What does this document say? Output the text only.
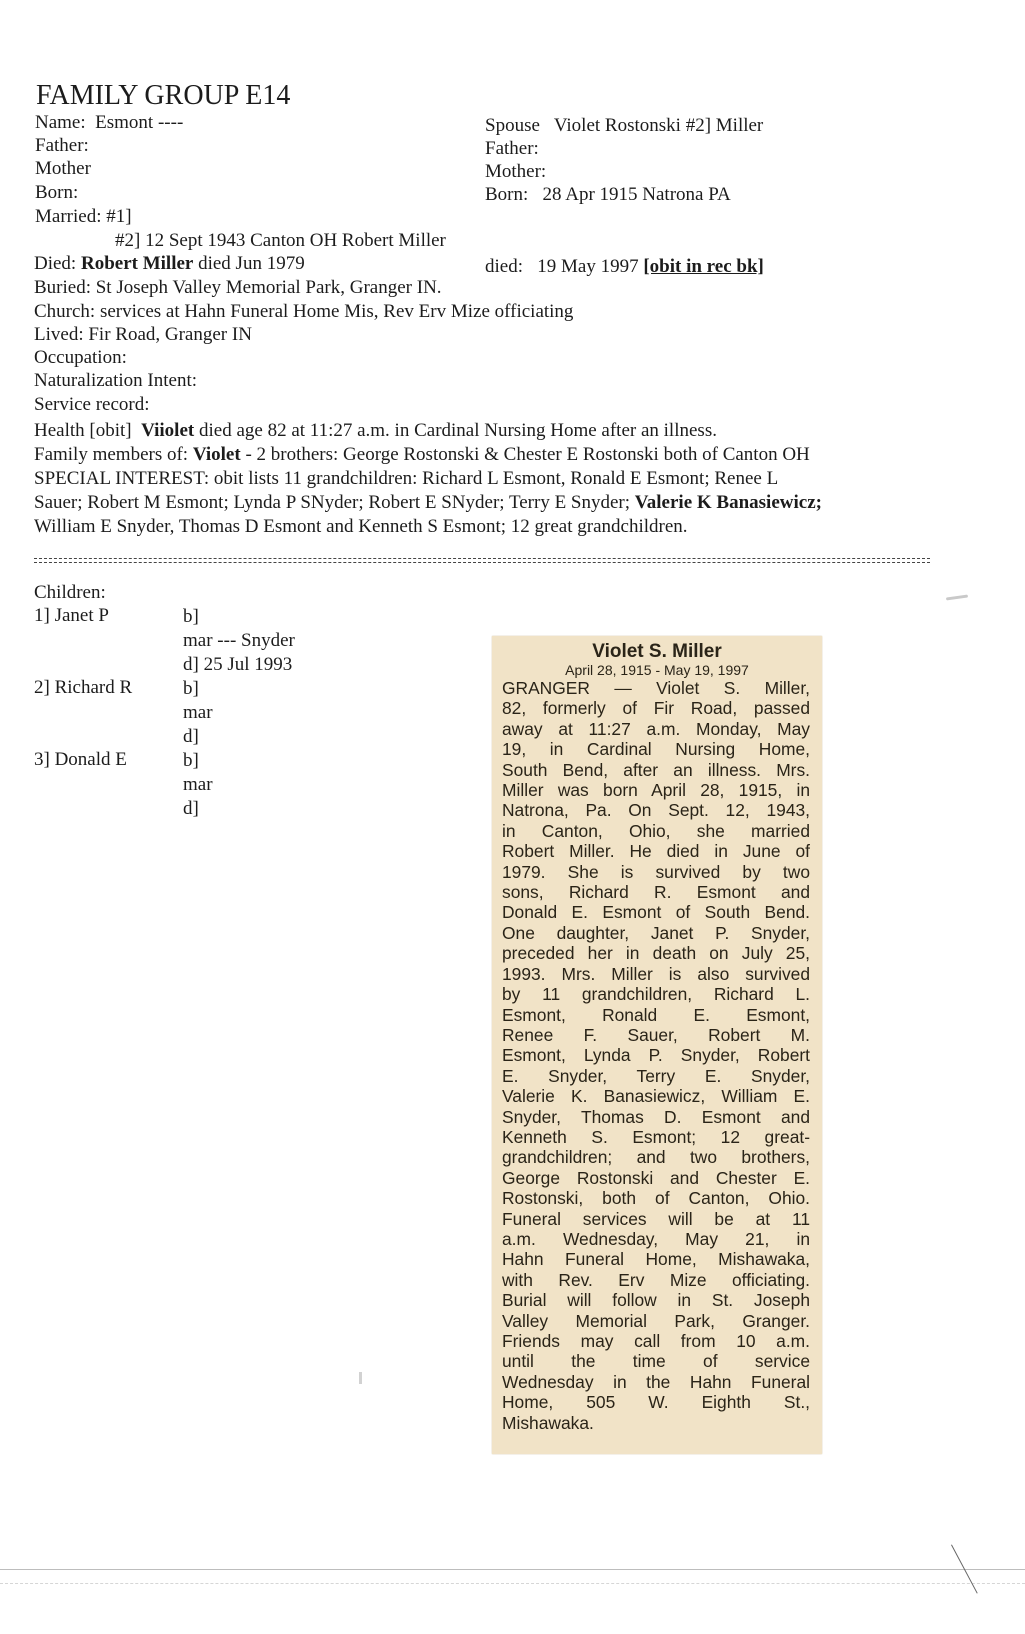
FAMILY GROUP E14
Name: Esmont ----
Father:
Mother
Born:
Married: #1]
#2] 12 Sept 1943 Canton OH Robert Miller
Died: Robert Miller died Jun 1979
Buried: St Joseph Valley Memorial Park, Granger IN.
Church: services at Hahn Funeral Home Mis, Rev Erv Mize officiating
Lived: Fir Road, Granger IN
Occupation:
Naturalization Intent:
Service record:
Spouse Violet Rostonski #2] Miller
Father:
Mother:
Born: 28 Apr 1915 Natrona PA
died: 19 May 1997 [obit in rec bk]
Health [obit] Viiolet died age 82 at 11:27 a.m. in Cardinal Nursing Home after an illness.
Family members of: Violet - 2 brothers: George Rostonski & Chester E Rostonski both of Canton OH
SPECIAL INTEREST: obit lists 11 grandchildren: Richard L Esmont, Ronald E Esmont; Renee L
Sauer; Robert M Esmont; Lynda P SNyder; Robert E SNyder; Terry E Snyder; Valerie K Banasiewicz;
William E Snyder, Thomas D Esmont and Kenneth S Esmont; 12 great grandchildren.
Children:
1] Janet P	b]
mar --- Snyder
d] 25 Jul 1993
2] Richard R	b]
mar
d]
3] Donald E	b]
mar
d]
Violet S. Miller
April 28, 1915 - May 19, 1997
GRANGER — Violet S. Miller,
82, formerly of Fir Road, passed
away at 11:27 a.m. Monday, May
19, in Cardinal Nursing Home,
South Bend, after an illness. Mrs.
Miller was born April 28, 1915, in
Natrona, Pa. On Sept. 12, 1943,
in Canton, Ohio, she married
Robert Miller. He died in June of
1979. She is survived by two
sons, Richard R. Esmont and
Donald E. Esmont of South Bend.
One daughter, Janet P. Snyder,
preceded her in death on July 25,
1993. Mrs. Miller is also survived
by 11 grandchildren, Richard L.
Esmont, Ronald E. Esmont,
Renee F. Sauer, Robert M.
Esmont, Lynda P. Snyder, Robert
E. Snyder, Terry E. Snyder,
Valerie K. Banasiewicz, William E.
Snyder, Thomas D. Esmont and
Kenneth S. Esmont; 12 great-
grandchildren; and two brothers,
George Rostonski and Chester E.
Rostonski, both of Canton, Ohio.
Funeral services will be at 11
a.m. Wednesday, May 21, in
Hahn Funeral Home, Mishawaka,
with Rev. Erv Mize officiating.
Burial will follow in St. Joseph
Valley Memorial Park, Granger.
Friends may call from 10 a.m.
until the time of service
Wednesday in the Hahn Funeral
Home, 505 W. Eighth St.,
Mishawaka.
